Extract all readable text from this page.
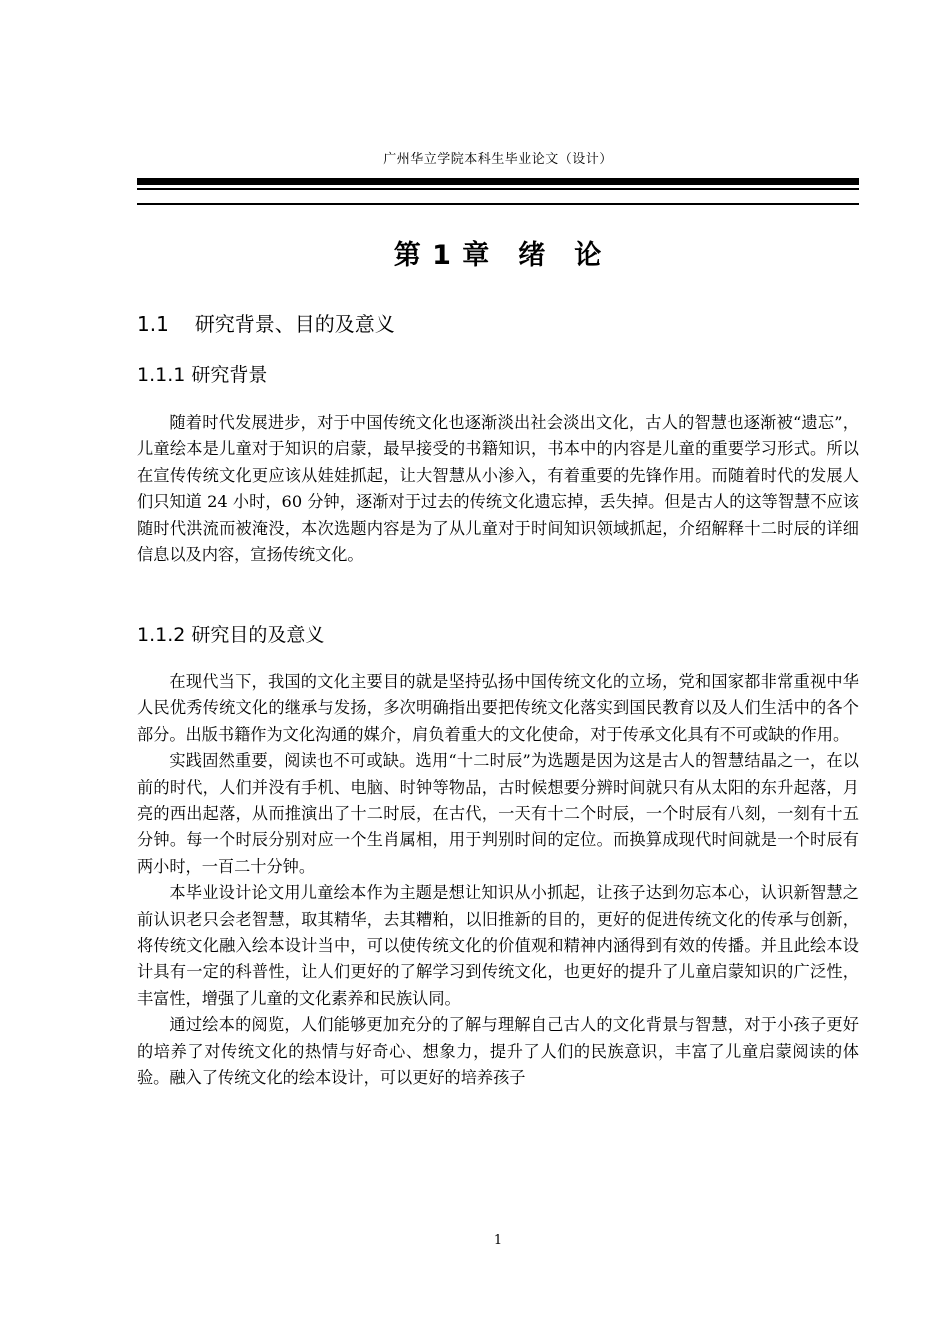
广州华立学院本科生毕业论文（设计）
第 1 章　绪　论
1.1 研究背景、目的及意义
1.1.1 研究背景

随着时代发展进步，对于中国传统文化也逐渐淡出社会淡出文化，古人的智慧也逐渐被“遗忘”，儿童绘本是儿童对于知识的启蒙，最早接受的书籍知识，书本中的内容是儿童的重要学习形式。所以在宣传传统文化更应该从娃娃抓起，让大智慧从小渗入，有着重要的先锋作用。而随着时代的发展人们只知道 24 小时，60 分钟，逐渐对于过去的传统文化遗忘掉，丢失掉。但是古人的这等智慧不应该随时代洪流而被淹没，本次选题内容是为了从儿童对于时间知识领域抓起，介绍解释十二时辰的详细信息以及内容，宣扬传统文化。

1.1.2 研究目的及意义

在现代当下，我国的文化主要目的就是坚持弘扬中国传统文化的立场，党和国家都非常重视中华人民优秀传统文化的继承与发扬，多次明确指出要把传统文化落实到国民教育以及人们生活中的各个部分。出版书籍作为文化沟通的媒介，肩负着重大的文化使命，对于传承文化具有不可或缺的作用。

实践固然重要，阅读也不可或缺。选用“十二时辰”为选题是因为这是古人的智慧结晶之一，在以前的时代，人们并没有手机、电脑、时钟等物品，古时候想要分辨时间就只有从太阳的东升起落，月亮的西出起落，从而推演出了十二时辰，在古代，一天有十二个时辰，一个时辰有八刻，一刻有十五分钟。每一个时辰分别对应一个生肖属相，用于判别时间的定位。而换算成现代时间就是一个时辰有两小时，一百二十分钟。

本毕业设计论文用儿童绘本作为主题是想让知识从小抓起，让孩子达到勿忘本心，认识新智慧之前认识老只会老智慧，取其精华，去其糟粕，以旧推新的目的，更好的促进传统文化的传承与创新，将传统文化融入绘本设计当中，可以使传统文化的价值观和精神内涵得到有效的传播。并且此绘本设计具有一定的科普性，让人们更好的了解学习到传统文化，也更好的提升了儿童启蒙知识的广泛性，丰富性，增强了儿童的文化素养和民族认同。

通过绘本的阅览，人们能够更加充分的了解与理解自己古人的文化背景与智慧，对于小孩子更好的培养了对传统文化的热情与好奇心、想象力，提升了人们的民族意识，丰富了儿童启蒙阅读的体验。融入了传统文化的绘本设计，可以更好的培养孩子

1
